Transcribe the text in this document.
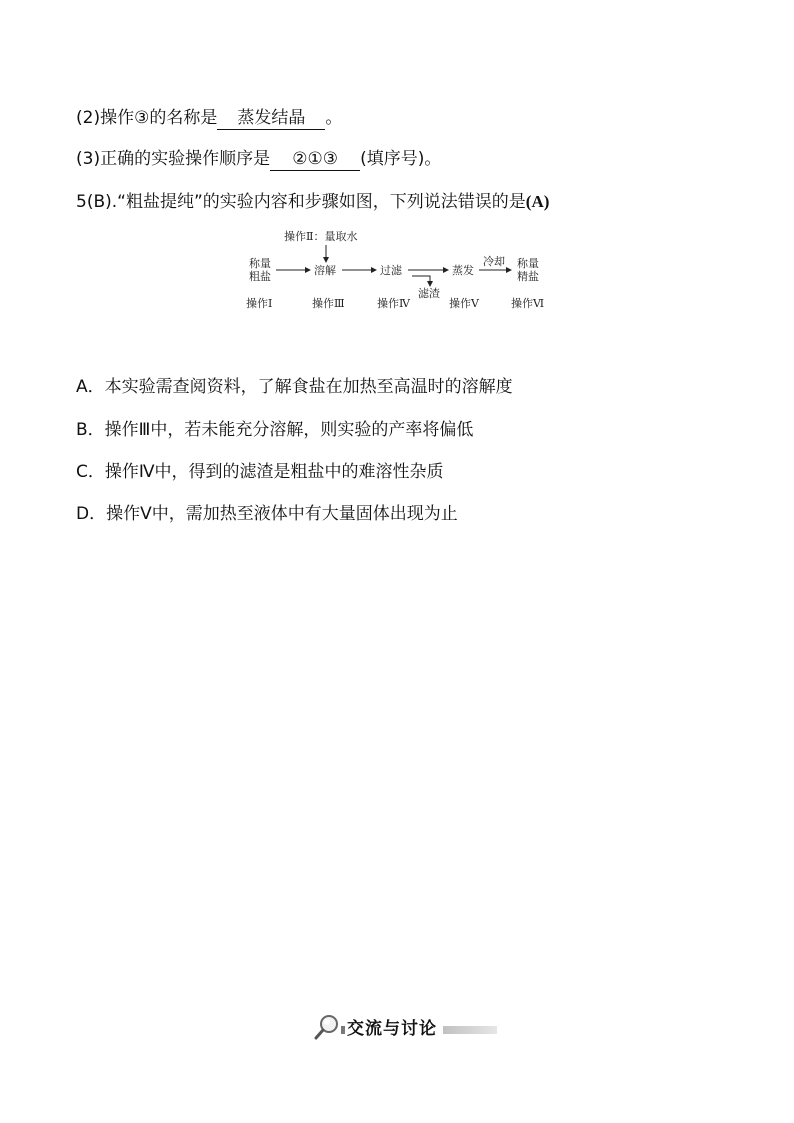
(2)操作③的名称是 蒸发结晶 。
(3)正确的实验操作顺序是 ②①③ (填序号)。
5(B).“粗盐提纯”的实验内容和步骤如图，下列说法错误的是(A)
操作Ⅱ：量取水
称量
粗盐	溶解	过滤
滤渣
蒸发
冷却 称量
精盐
操作Ⅰ	操作Ⅲ	操作Ⅳ	操作Ⅴ	操作Ⅵ
A．本实验需查阅资料，了解食盐在加热至高温时的溶解度
B．操作Ⅲ中，若未能充分溶解，则实验的产率将偏低
C．操作Ⅳ中，得到的滤渣是粗盐中的难溶性杂质
D．操作Ⅴ中，需加热至液体中有大量固体出现为止
交流与讨论
